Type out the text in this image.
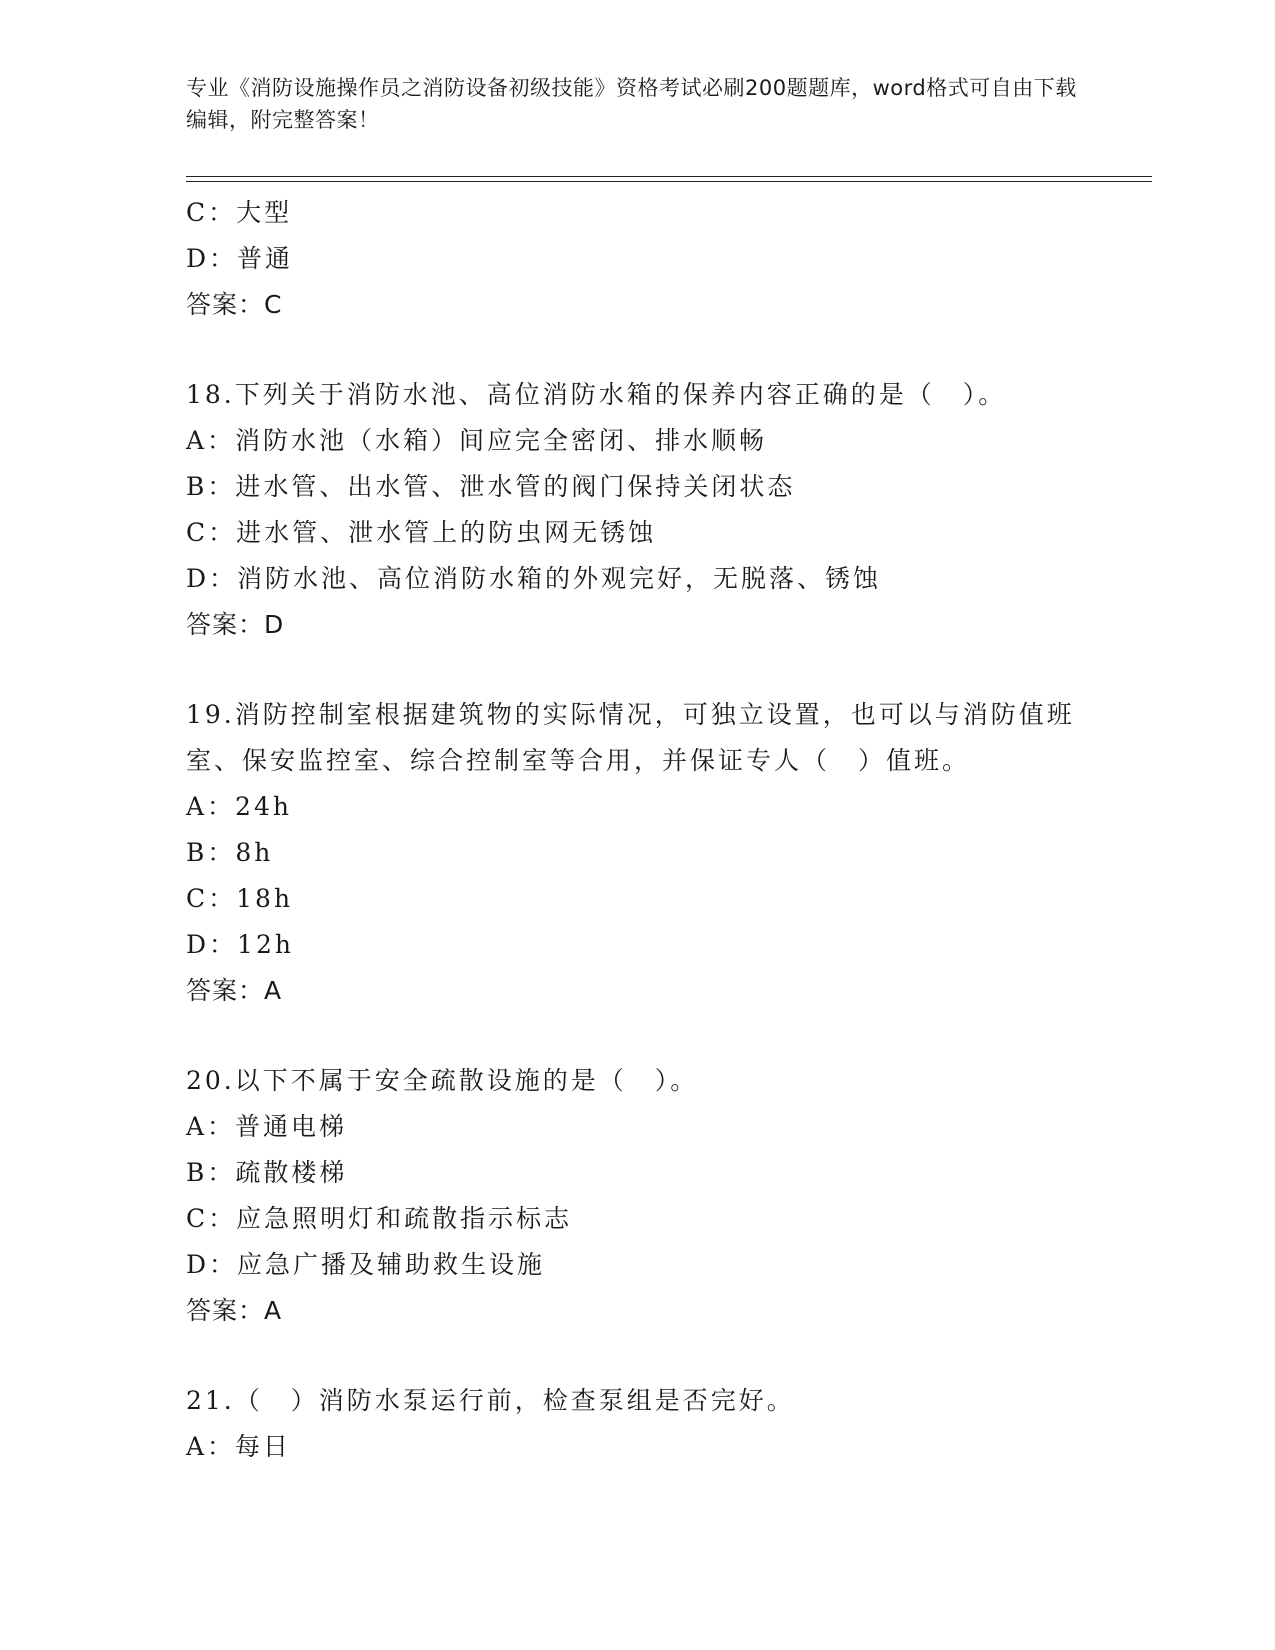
专业《消防设施操作员之消防设备初级技能》资格考试必刷200题题库，word格式可自由下载编辑，附完整答案！
C：大型
D：普通
答案：C
18.下列关于消防水池、高位消防水箱的保养内容正确的是（　）。
A：消防水池（水箱）间应完全密闭、排水顺畅
B：进水管、出水管、泄水管的阀门保持关闭状态
C：进水管、泄水管上的防虫网无锈蚀
D：消防水池、高位消防水箱的外观完好，无脱落、锈蚀
答案：D
19.消防控制室根据建筑物的实际情况，可独立设置，也可以与消防值班室、保安监控室、综合控制室等合用，并保证专人（　）值班。
A：24h
B：8h
C：18h
D：12h
答案：A
20.以下不属于安全疏散设施的是（　）。
A：普通电梯
B：疏散楼梯
C：应急照明灯和疏散指示标志
D：应急广播及辅助救生设施
答案：A
21.（　）消防水泵运行前，检查泵组是否完好。
A：每日
